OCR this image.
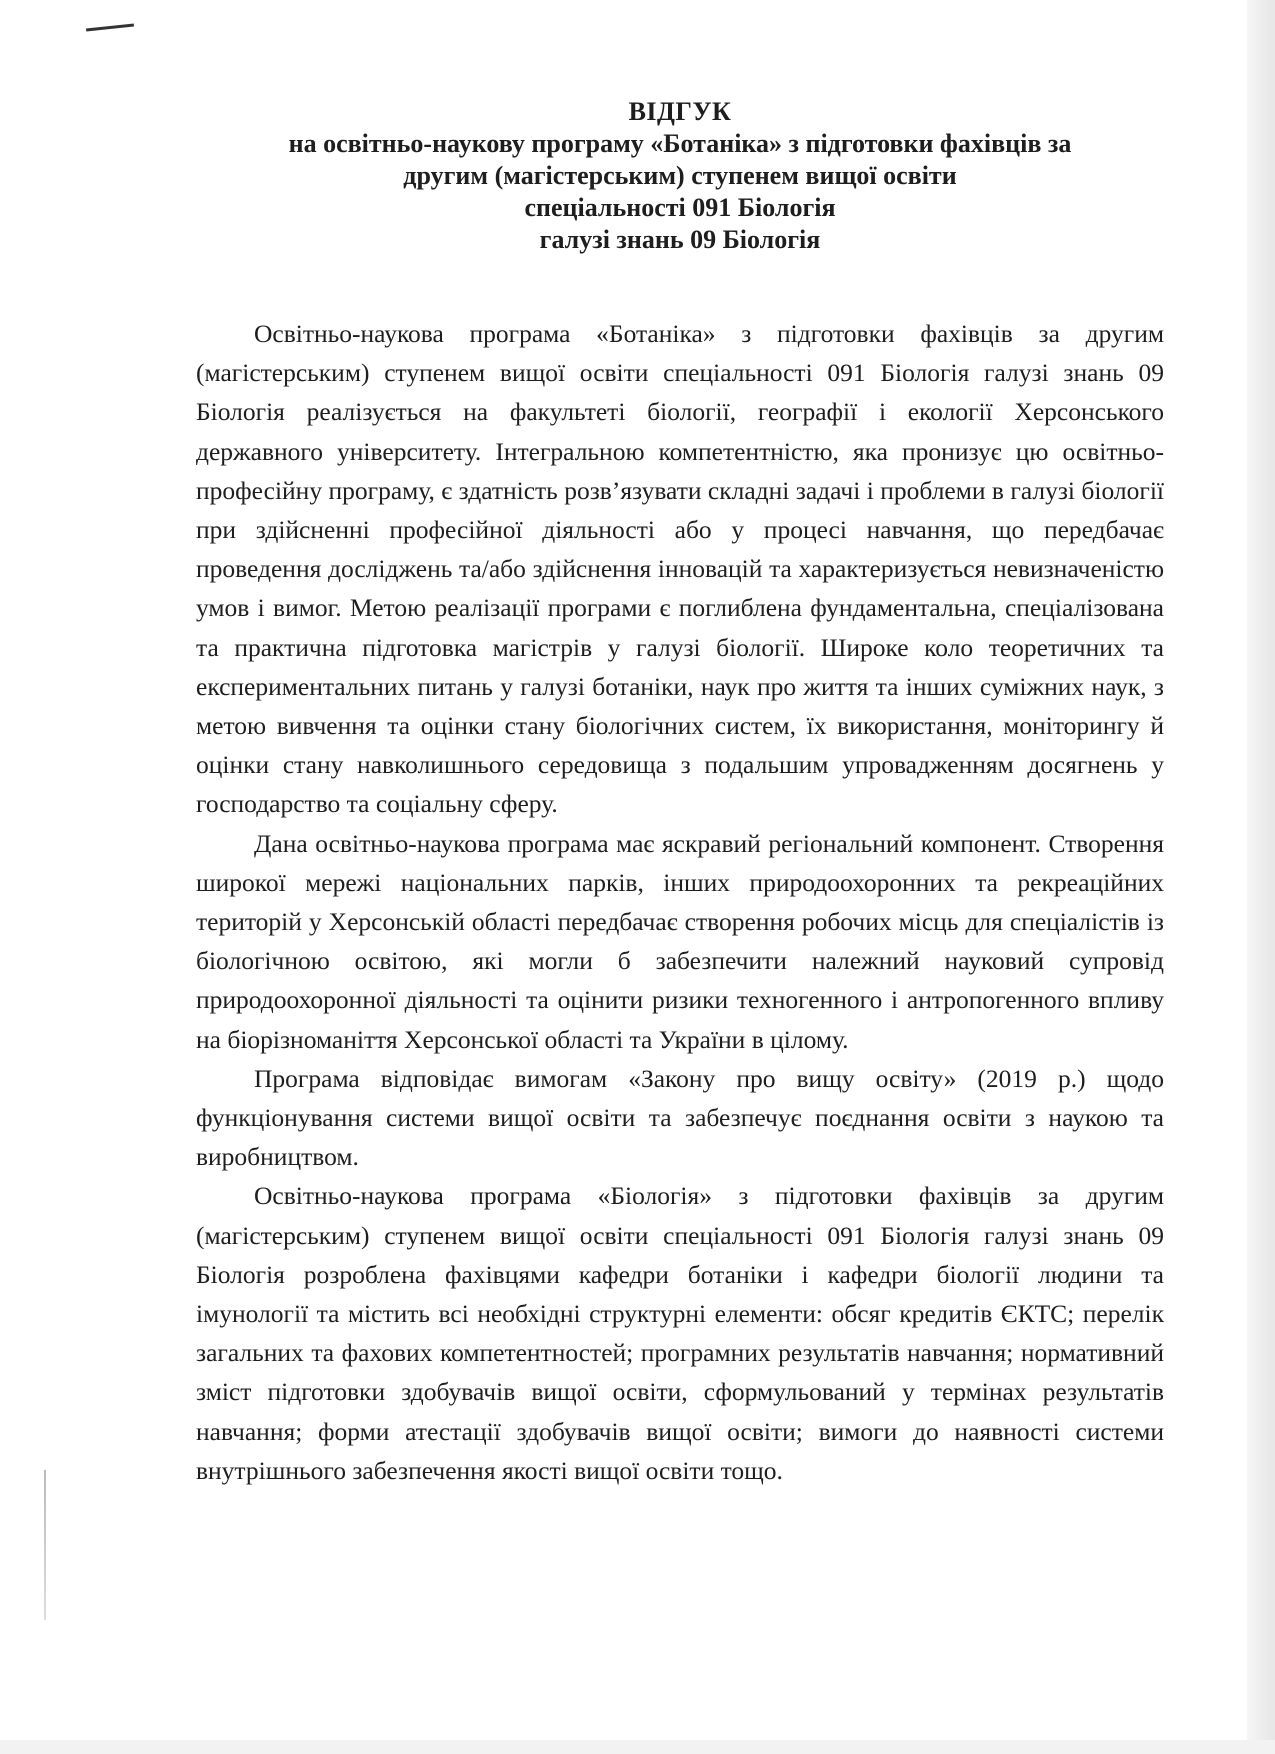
ВІДГУК
на освітньо-наукову програму «Ботаніка» з підготовки фахівців за
другим (магістерським) ступенем вищої освіти
спеціальності 091 Біологія
галузі знань 09 Біологія

Освітньо-наукова програма «Ботаніка» з підготовки фахівців за другим (магістерським) ступенем вищої освіти спеціальності 091 Біологія галузі знань 09 Біологія реалізується на факультеті біології, географії і екології Херсонського державного університету. Інтегральною компетентністю, яка пронизує цю освітньо-професійну програму, є здатність розв’язувати складні задачі і проблеми в галузі біології при здійсненні професійної діяльності або у процесі навчання, що передбачає проведення досліджень та/або здійснення інновацій та характеризується невизначеністю умов і вимог. Метою реалізації програми є поглиблена фундаментальна, спеціалізована та практична підготовка магістрів у галузі біології. Широке коло теоретичних та експериментальних питань у галузі ботаніки, наук про життя та інших суміжних наук, з метою вивчення та оцінки стану біологічних систем, їх використання, моніторингу й оцінки стану навколишнього середовища з подальшим упровадженням досягнень у господарство та соціальну сферу.

Дана освітньо-наукова програма має яскравий регіональний компонент. Створення широкої мережі національних парків, інших природоохоронних та рекреаційних територій у Херсонській області передбачає створення робочих місць для спеціалістів із біологічною освітою, які могли б забезпечити належний науковий супровід природоохоронної діяльності та оцінити ризики техногенного і антропогенного впливу на біорізноманіття Херсонської області та України в цілому.

Програма відповідає вимогам «Закону про вищу освіту» (2019 р.) щодо функціонування системи вищої освіти та забезпечує поєднання освіти з наукою та виробництвом.

Освітньо-наукова програма «Біологія» з підготовки фахівців за другим (магістерським) ступенем вищої освіти спеціальності 091 Біологія галузі знань 09 Біологія розроблена фахівцями кафедри ботаніки і кафедри біології людини та імунології та містить всі необхідні структурні елементи: обсяг кредитів ЄКТС; перелік загальних та фахових компетентностей; програмних результатів навчання; нормативний зміст підготовки здобувачів вищої освіти, сформульований у термінах результатів навчання; форми атестації здобувачів вищої освіти; вимоги до наявності системи внутрішнього забезпечення якості вищої освіти тощо.
